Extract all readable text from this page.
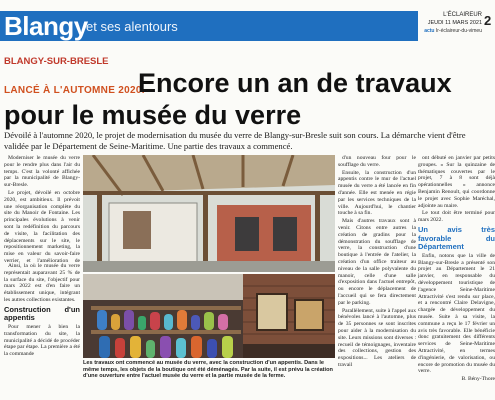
Blangy
et ses alentours
L'ÉCLAIREUR
JEUDI 11 MARS 2021
actu Ir-éclaireur-du-vimeu
2
BLANGY-SUR-BRESLE
LANCÉ À L'AUTOMNE 2020.
Encore un an de travaux
pour le musée du verre
Dévoilé à l'automne 2020, le projet de modernisation du musée du verre de Blangy-sur-Bresle suit son cours. La démarche vient d'être validée par le Département de Seine-Maritime. Une partie des travaux a commencé.

Moderniser le musée du verre pour le rendre plus dans l'air du temps. C'est la volonté affichée par la municipalité de Blangy-sur-Bresle.

Le projet, dévoilé en octobre 2020, est ambitieux. Il prévoit une réorganisation complète du site du Manoir de Fontaine. Les principales évolutions à venir sont la redéfinition du parcours de visite, la facilitation des déplacements sur le site, le repositionnement marketing, la mise en valeur du savoir-faire verrier, et l'amélioration de

Ainsi, la où le musée du verre représentait auparavant 25 % de la surface du site, l'objectif pour mars 2022 est d'en faire un établissement unique, intégrant les autres collections existantes.

Construction d'un appentis

Pour mener à bien la transformation du site, la municipalité a décidé de procéder étape par étape. La première a été la commande

Les travaux ont commencé au musée du verre, avec la construction d'un appentis. Dans le même temps, les objets de la boutique ont été déménagés. Par la suite, il est prévu la création d'une ouverture entre l'actuel musée du verre et la partie musée de la ferme.

d'un nouveau four pour le soufflage du verre.

Ensuite, la construction d'un appentis contre le mur de l'actuel musée du verre a été lancée en fin d'année. Elle est menée en régie par les services techniques de la ville. Aujourd'hui, le chantier touche à sa fin.

Mais d'autres travaux sont à venir. Citons entre autres la création de gradins pour la démonstration du soufflage de verre, la construction d'une boutique à l'entrée de l'atelier, la création d'un office traiteur au niveau de la salle polyvalente du manoir, celle d'une salle d'exposition dans l'actuel entrepôt, ou encore le déplacement de l'accueil qui se fera directement par le parking.

Parallèlement, suite à l'appel aux bénévoles lancé à l'automne, plus de 35 personnes se sont inscrites pour aider à la modernisation du site. Leurs missions sont diverses : recueil de témoignages, inventaire des collections, gestion des expositions... Les ateliers de travail

ont débuté en janvier par petits groupes. « Sur la quinzaine de thématiques couvertes par le projet, 7 à 8 sont déjà opérationnelles » annonce Benjamin Renoult, qui coordonne le projet avec Sophie Maréchal, adjointe au maire.

Le tout doit être terminé pour mars 2022.

Un avis très favorable du Département

Enfin, notons que la ville de Blangy-sur-Bresle a présenté son projet au Département le 21 janvier, en responsable du développement touristique de l'agence Seine-Maritime Attractivité s'est rendu sur place, et a rencontré Claire Delavigne, chargée de développement du musée. Suite à sa visite, la commune a reçu le 17 février un avis très favorable. Elle bénéficie donc gratuitement des différents services de Seine-Maritime Attractivité, en termes d'ingénierie, de valorisation, ou encore de promotion du musée du verre.

B. Bény-Thore
